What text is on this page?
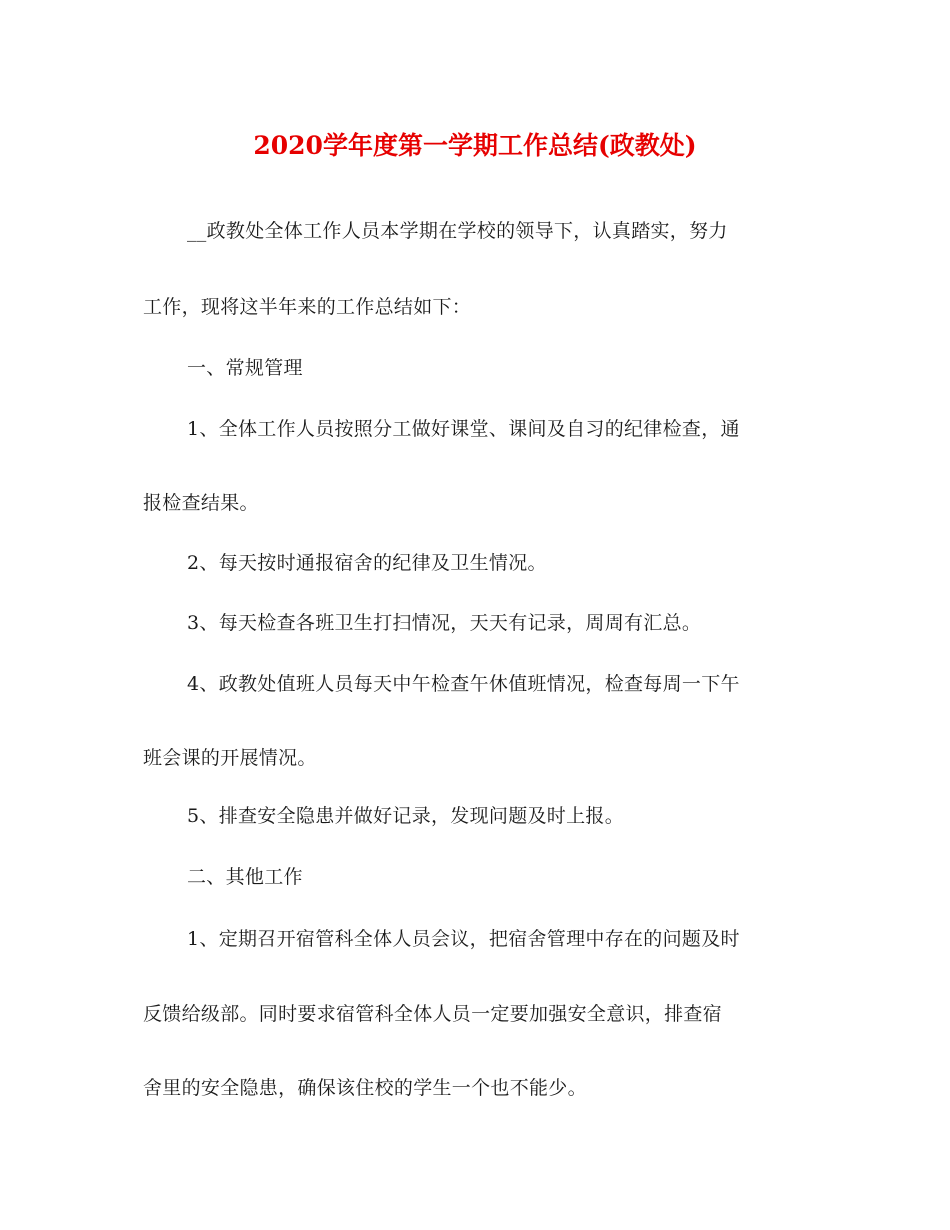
2020学年度第一学期工作总结(政教处)
__政教处全体工作人员本学期在学校的领导下，认真踏实，努力
工作，现将这半年来的工作总结如下：
一、常规管理
1、全体工作人员按照分工做好课堂、课间及自习的纪律检查，通
报检查结果。
2、每天按时通报宿舍的纪律及卫生情况。
3、每天检查各班卫生打扫情况，天天有记录，周周有汇总。
4、政教处值班人员每天中午检查午休值班情况，检查每周一下午
班会课的开展情况。
5、排查安全隐患并做好记录，发现问题及时上报。
二、其他工作
1、定期召开宿管科全体人员会议，把宿舍管理中存在的问题及时
反馈给级部。同时要求宿管科全体人员一定要加强安全意识，排查宿
舍里的安全隐患，确保该住校的学生一个也不能少。
